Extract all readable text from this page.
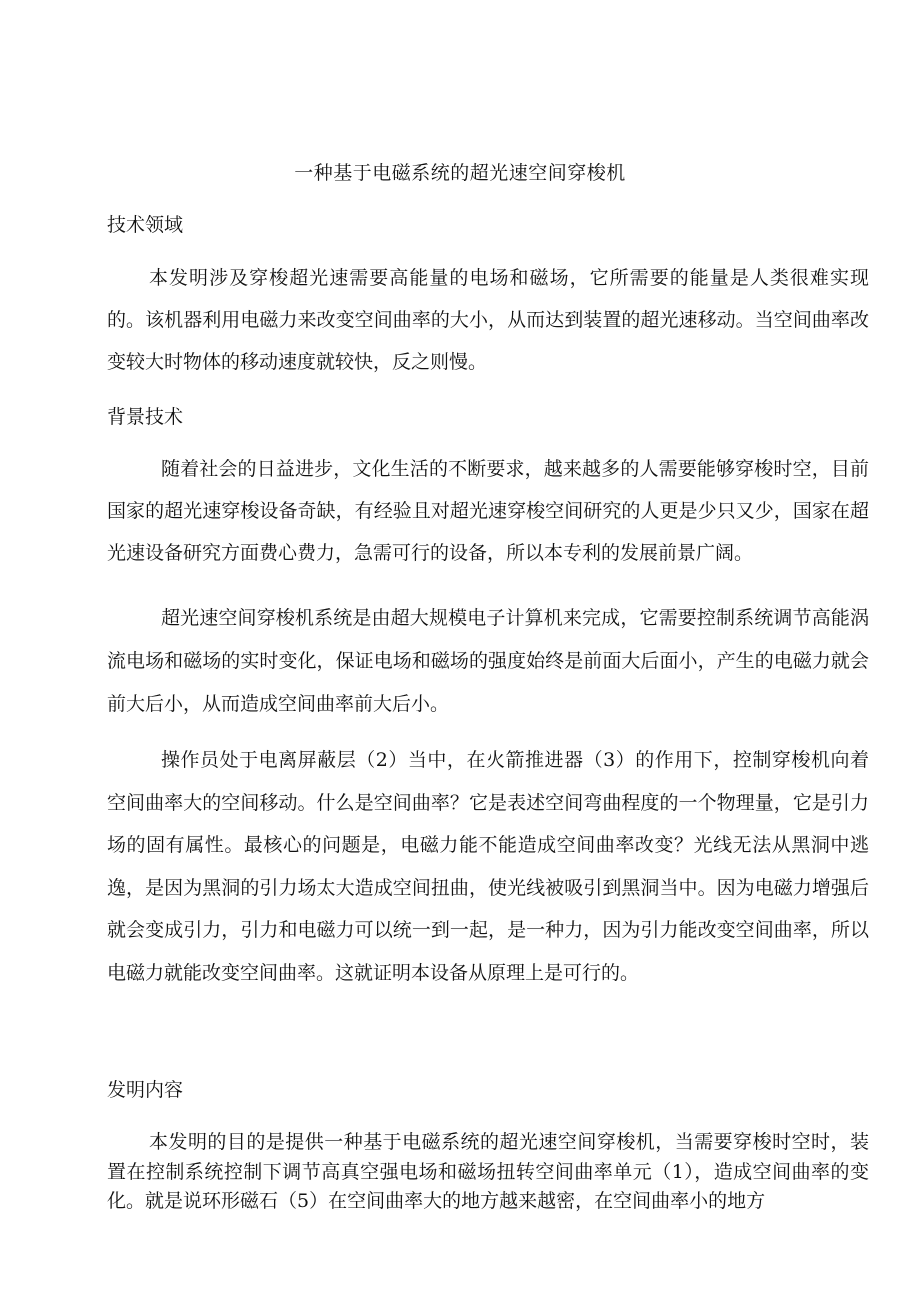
一种基于电磁系统的超光速空间穿梭机
技术领域

本发明涉及穿梭超光速需要高能量的电场和磁场，它所需要的能量是人类很难实现的。该机器利用电磁力来改变空间曲率的大小，从而达到装置的超光速移动。当空间曲率改变较大时物体的移动速度就较快，反之则慢。

背景技术

随着社会的日益进步，文化生活的不断要求，越来越多的人需要能够穿梭时空，目前国家的超光速穿梭设备奇缺，有经验且对超光速穿梭空间研究的人更是少只又少，国家在超光速设备研究方面费心费力，急需可行的设备，所以本专利的发展前景广阔。

超光速空间穿梭机系统是由超大规模电子计算机来完成，它需要控制系统调节高能涡流电场和磁场的实时变化，保证电场和磁场的强度始终是前面大后面小，产生的电磁力就会前大后小，从而造成空间曲率前大后小。

操作员处于电离屏蔽层（2）当中，在火箭推进器（3）的作用下，控制穿梭机向着空间曲率大的空间移动。什么是空间曲率？它是表述空间弯曲程度的一个物理量，它是引力场的固有属性。最核心的问题是，电磁力能不能造成空间曲率改变？光线无法从黑洞中逃逸，是因为黑洞的引力场太大造成空间扭曲，使光线被吸引到黑洞当中。因为电磁力增强后就会变成引力，引力和电磁力可以统一到一起，是一种力，因为引力能改变空间曲率，所以电磁力就能改变空间曲率。这就证明本设备从原理上是可行的。

发明内容

本发明的目的是提供一种基于电磁系统的超光速空间穿梭机，当需要穿梭时空时，装置在控制系统控制下调节高真空强电场和磁场扭转空间曲率单元（1），造成空间曲率的变化。就是说环形磁石（5）在空间曲率大的地方越来越密，在空间曲率小的地方
